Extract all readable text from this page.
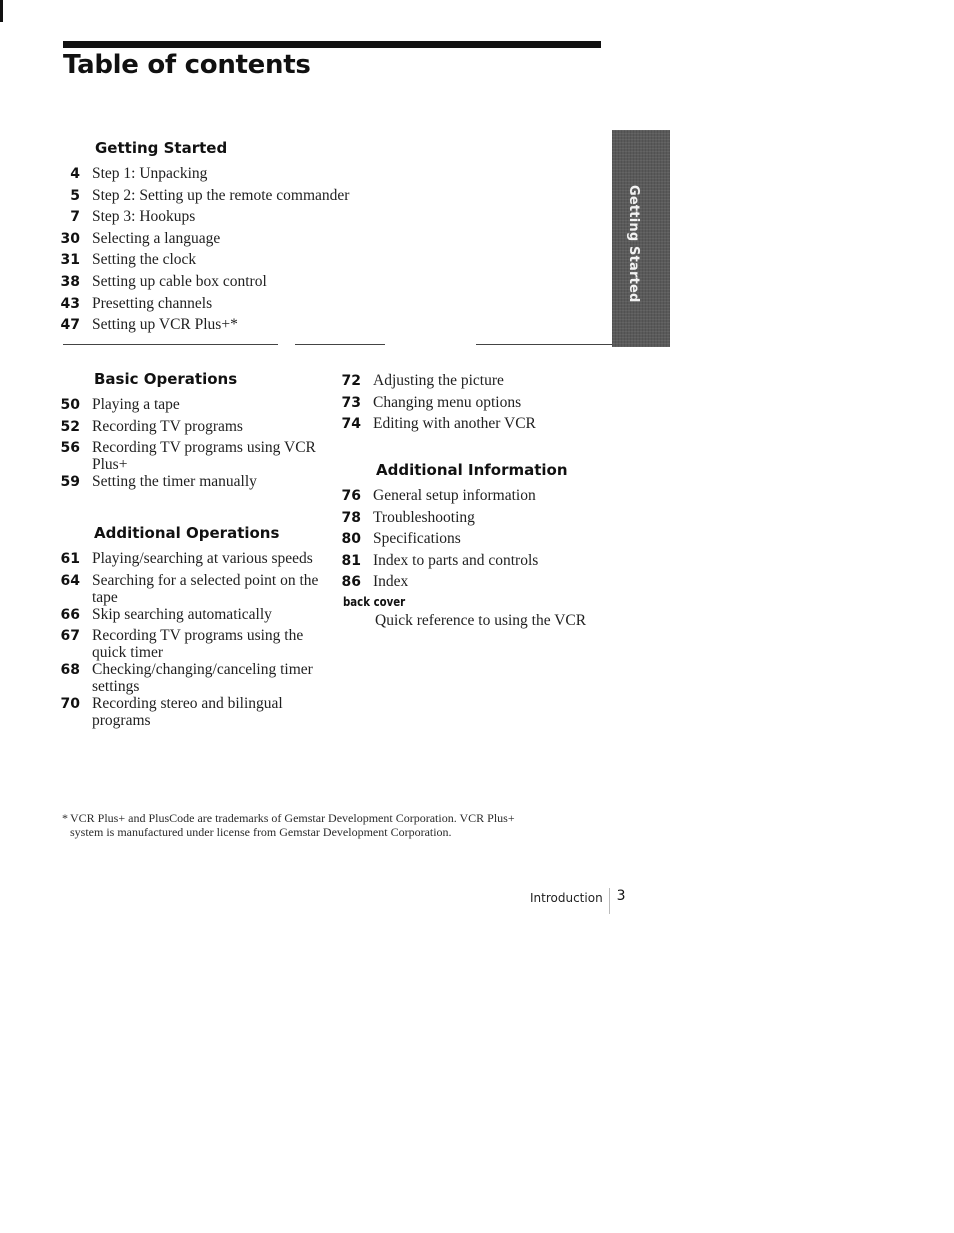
Table of contents
Getting Started
Getting Started
4 Step 1: Unpacking
5 Step 2: Setting up the remote commander
7 Step 3: Hookups
30 Selecting a language
31 Setting the clock
38 Setting up cable box control
43 Presetting channels
47 Setting up VCR Plus+*
Basic Operations
50 Playing a tape
52 Recording TV programs
56 Recording TV programs using VCR Plus+
59 Setting the timer manually
Additional Operations
61 Playing/searching at various speeds
64 Searching for a selected point on the tape
66 Skip searching automatically
67 Recording TV programs using the quick timer
68 Checking/changing/canceling timer settings
70 Recording stereo and bilingual programs
72 Adjusting the picture
73 Changing menu options
74 Editing with another VCR
Additional Information
76 General setup information
78 Troubleshooting
80 Specifications
81 Index to parts and controls
86 Index
back cover
Quick reference to using the VCR
* VCR Plus+ and PlusCode are trademarks of Gemstar Development Corporation. VCR Plus+
system is manufactured under license from Gemstar Development Corporation.
Introduction 3
